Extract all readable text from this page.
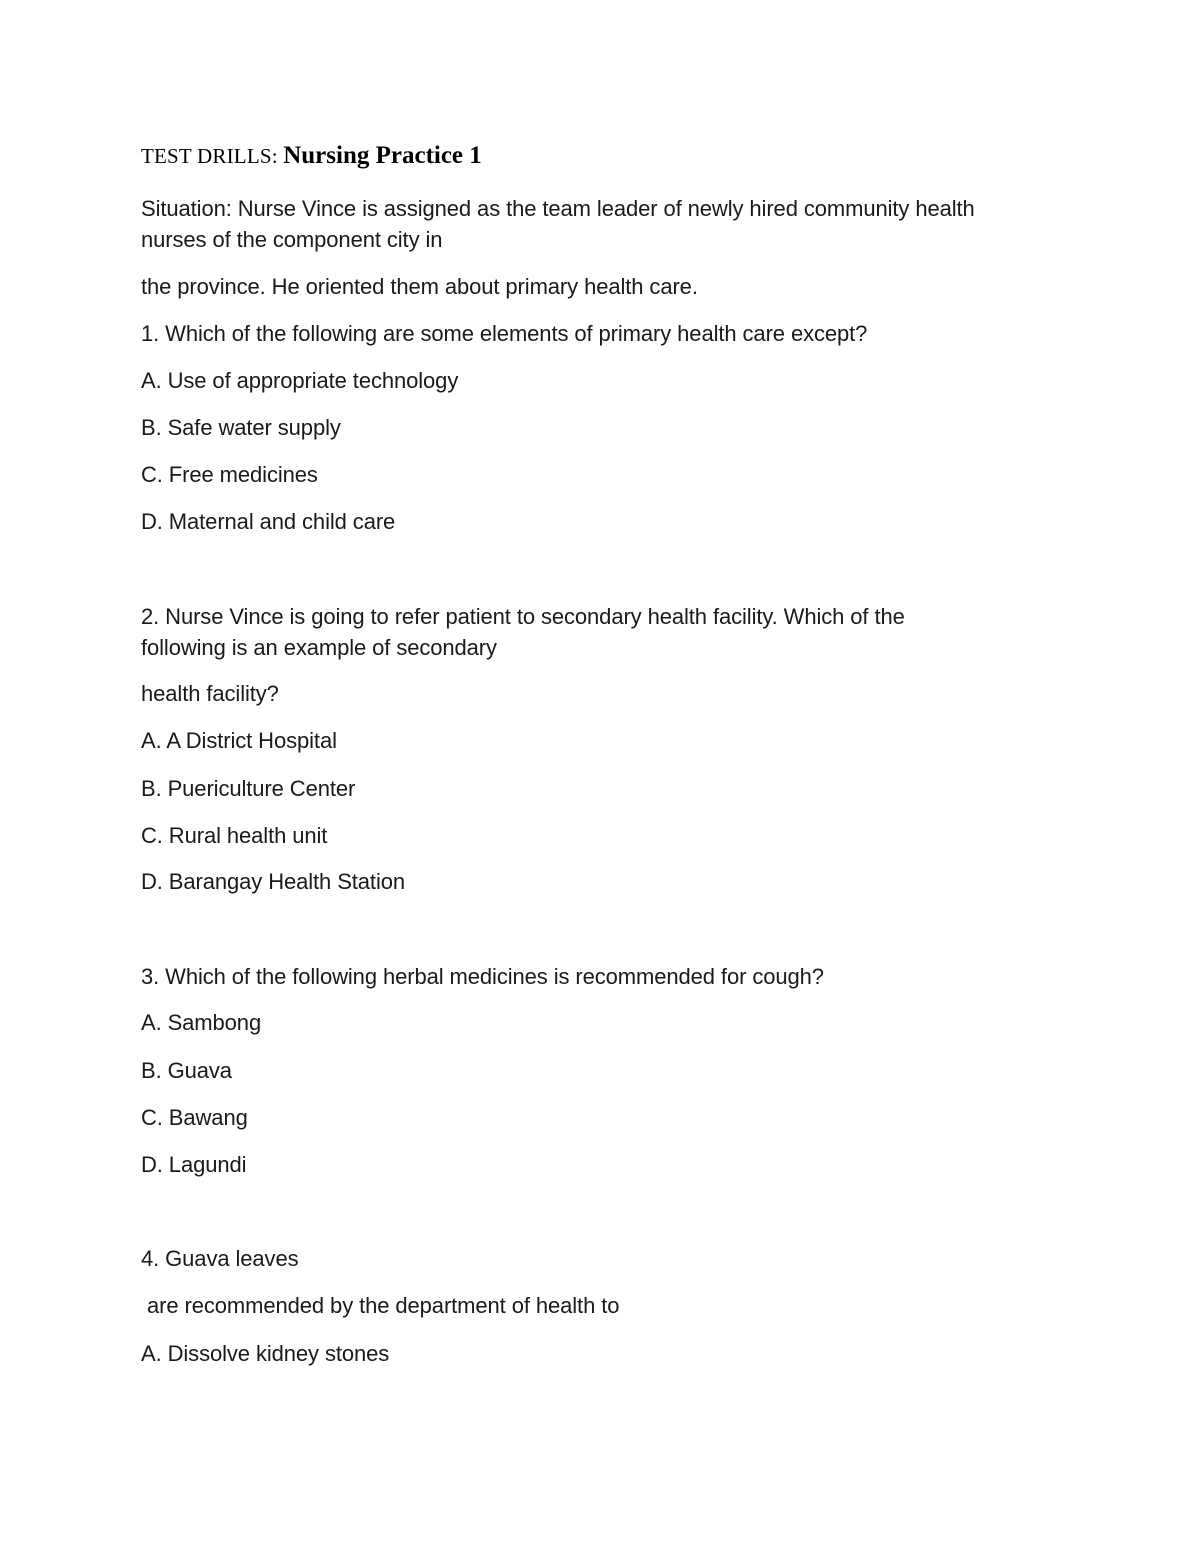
TEST DRILLS: Nursing Practice 1
Situation: Nurse Vince is assigned as the team leader of newly hired community health
nurses of the component city in
the province. He oriented them about primary health care.
1. Which of the following are some elements of primary health care except?
A. Use of appropriate technology
B. Safe water supply
C. Free medicines
D. Maternal and child care
2. Nurse Vince is going to refer patient to secondary health facility. Which of the
following is an example of secondary
health facility?
A. A District Hospital
B. Puericulture Center
C. Rural health unit
D. Barangay Health Station
3. Which of the following herbal medicines is recommended for cough?
A. Sambong
B. Guava
C. Bawang
D. Lagundi
4. Guava leaves
are recommended by the department of health to
A. Dissolve kidney stones
